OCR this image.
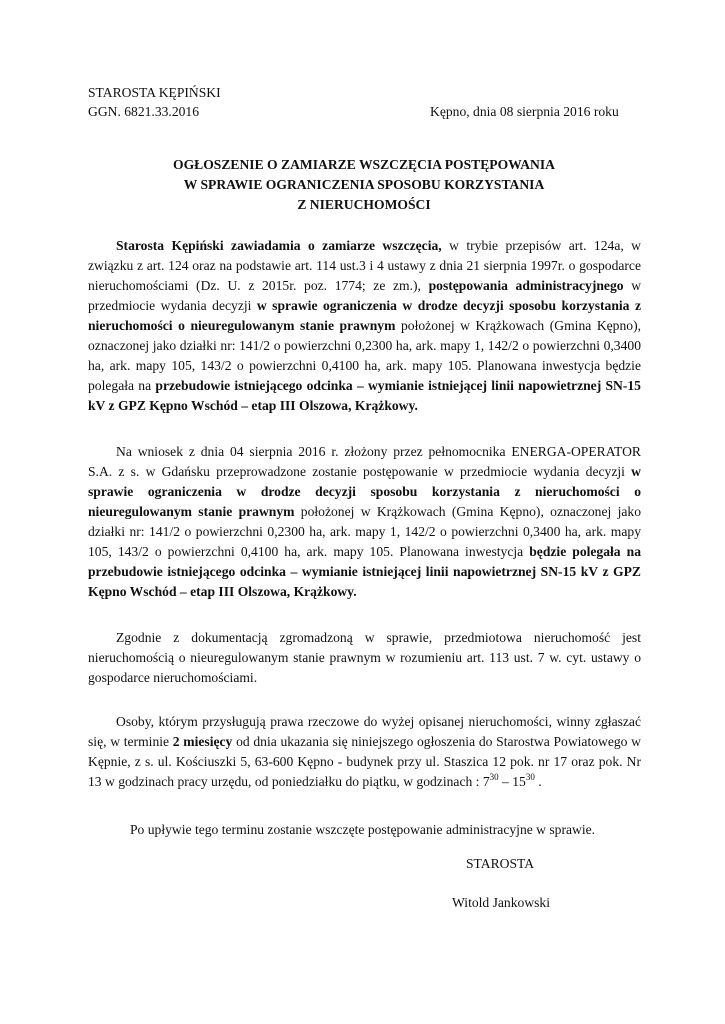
STAROSTA KĘPIŃSKI
GGN. 6821.33.2016	Kępno, dnia 08 sierpnia 2016 roku
OGŁOSZENIE O ZAMIARZE WSZCZĘCIA POSTĘPOWANIA
W SPRAWIE OGRANICZENIA SPOSOBU KORZYSTANIA
Z NIERUCHOMOŚCI
Starosta Kępiński zawiadamia o zamiarze wszczęcia, w trybie przepisów art. 124a, w związku z art. 124 oraz na podstawie art. 114 ust.3 i 4 ustawy z dnia 21 sierpnia 1997r. o gospodarce nieruchomościami (Dz. U. z 2015r. poz. 1774; ze zm.), postępowania administracyjnego w przedmiocie wydania decyzji w sprawie ograniczenia w drodze decyzji sposobu korzystania z nieruchomości o nieuregulowanym stanie prawnym położonej w Krążkowach (Gmina Kępno), oznaczonej jako działki nr: 141/2 o powierzchni 0,2300 ha, ark. mapy 1, 142/2 o powierzchni 0,3400 ha, ark. mapy 105, 143/2 o powierzchni 0,4100 ha, ark. mapy 105. Planowana inwestycja będzie polegała na przebudowie istniejącego odcinka – wymianie istniejącej linii napowietrznej SN-15 kV z GPZ Kępno Wschód – etap III Olszowa, Krążkowy.
Na wniosek z dnia 04 sierpnia 2016 r. złożony przez pełnomocnika ENERGA-OPERATOR S.A. z s. w Gdańsku przeprowadzone zostanie postępowanie w przedmiocie wydania decyzji w sprawie ograniczenia w drodze decyzji sposobu korzystania z nieruchomości o nieuregulowanym stanie prawnym położonej w Krążkowach (Gmina Kępno), oznaczonej jako działki nr: 141/2 o powierzchni 0,2300 ha, ark. mapy 1, 142/2 o powierzchni 0,3400 ha, ark. mapy 105, 143/2 o powierzchni 0,4100 ha, ark. mapy 105. Planowana inwestycja będzie polegała na przebudowie istniejącego odcinka – wymianie istniejącej linii napowietrznej SN-15 kV z GPZ Kępno Wschód – etap III Olszowa, Krążkowy.
Zgodnie z dokumentacją zgromadzoną w sprawie, przedmiotowa nieruchomość jest nieruchomością o nieuregulowanym stanie prawnym w rozumieniu art. 113 ust. 7 w. cyt. ustawy o gospodarce nieruchomościami.
Osoby, którym przysługują prawa rzeczowe do wyżej opisanej nieruchomości, winny zgłaszać się, w terminie 2 miesięcy od dnia ukazania się niniejszego ogłoszenia do Starostwa Powiatowego w Kępnie, z s. ul. Kościuszki 5, 63-600 Kępno - budynek przy ul. Staszica 12 pok. nr 17 oraz pok. Nr 13 w godzinach pracy urzędu, od poniedziałku do piątku, w godzinach : $7^{30} - 15^{30}$ .
Po upływie tego terminu zostanie wszczęte postępowanie administracyjne w sprawie.
STAROSTA
Witold Jankowski
